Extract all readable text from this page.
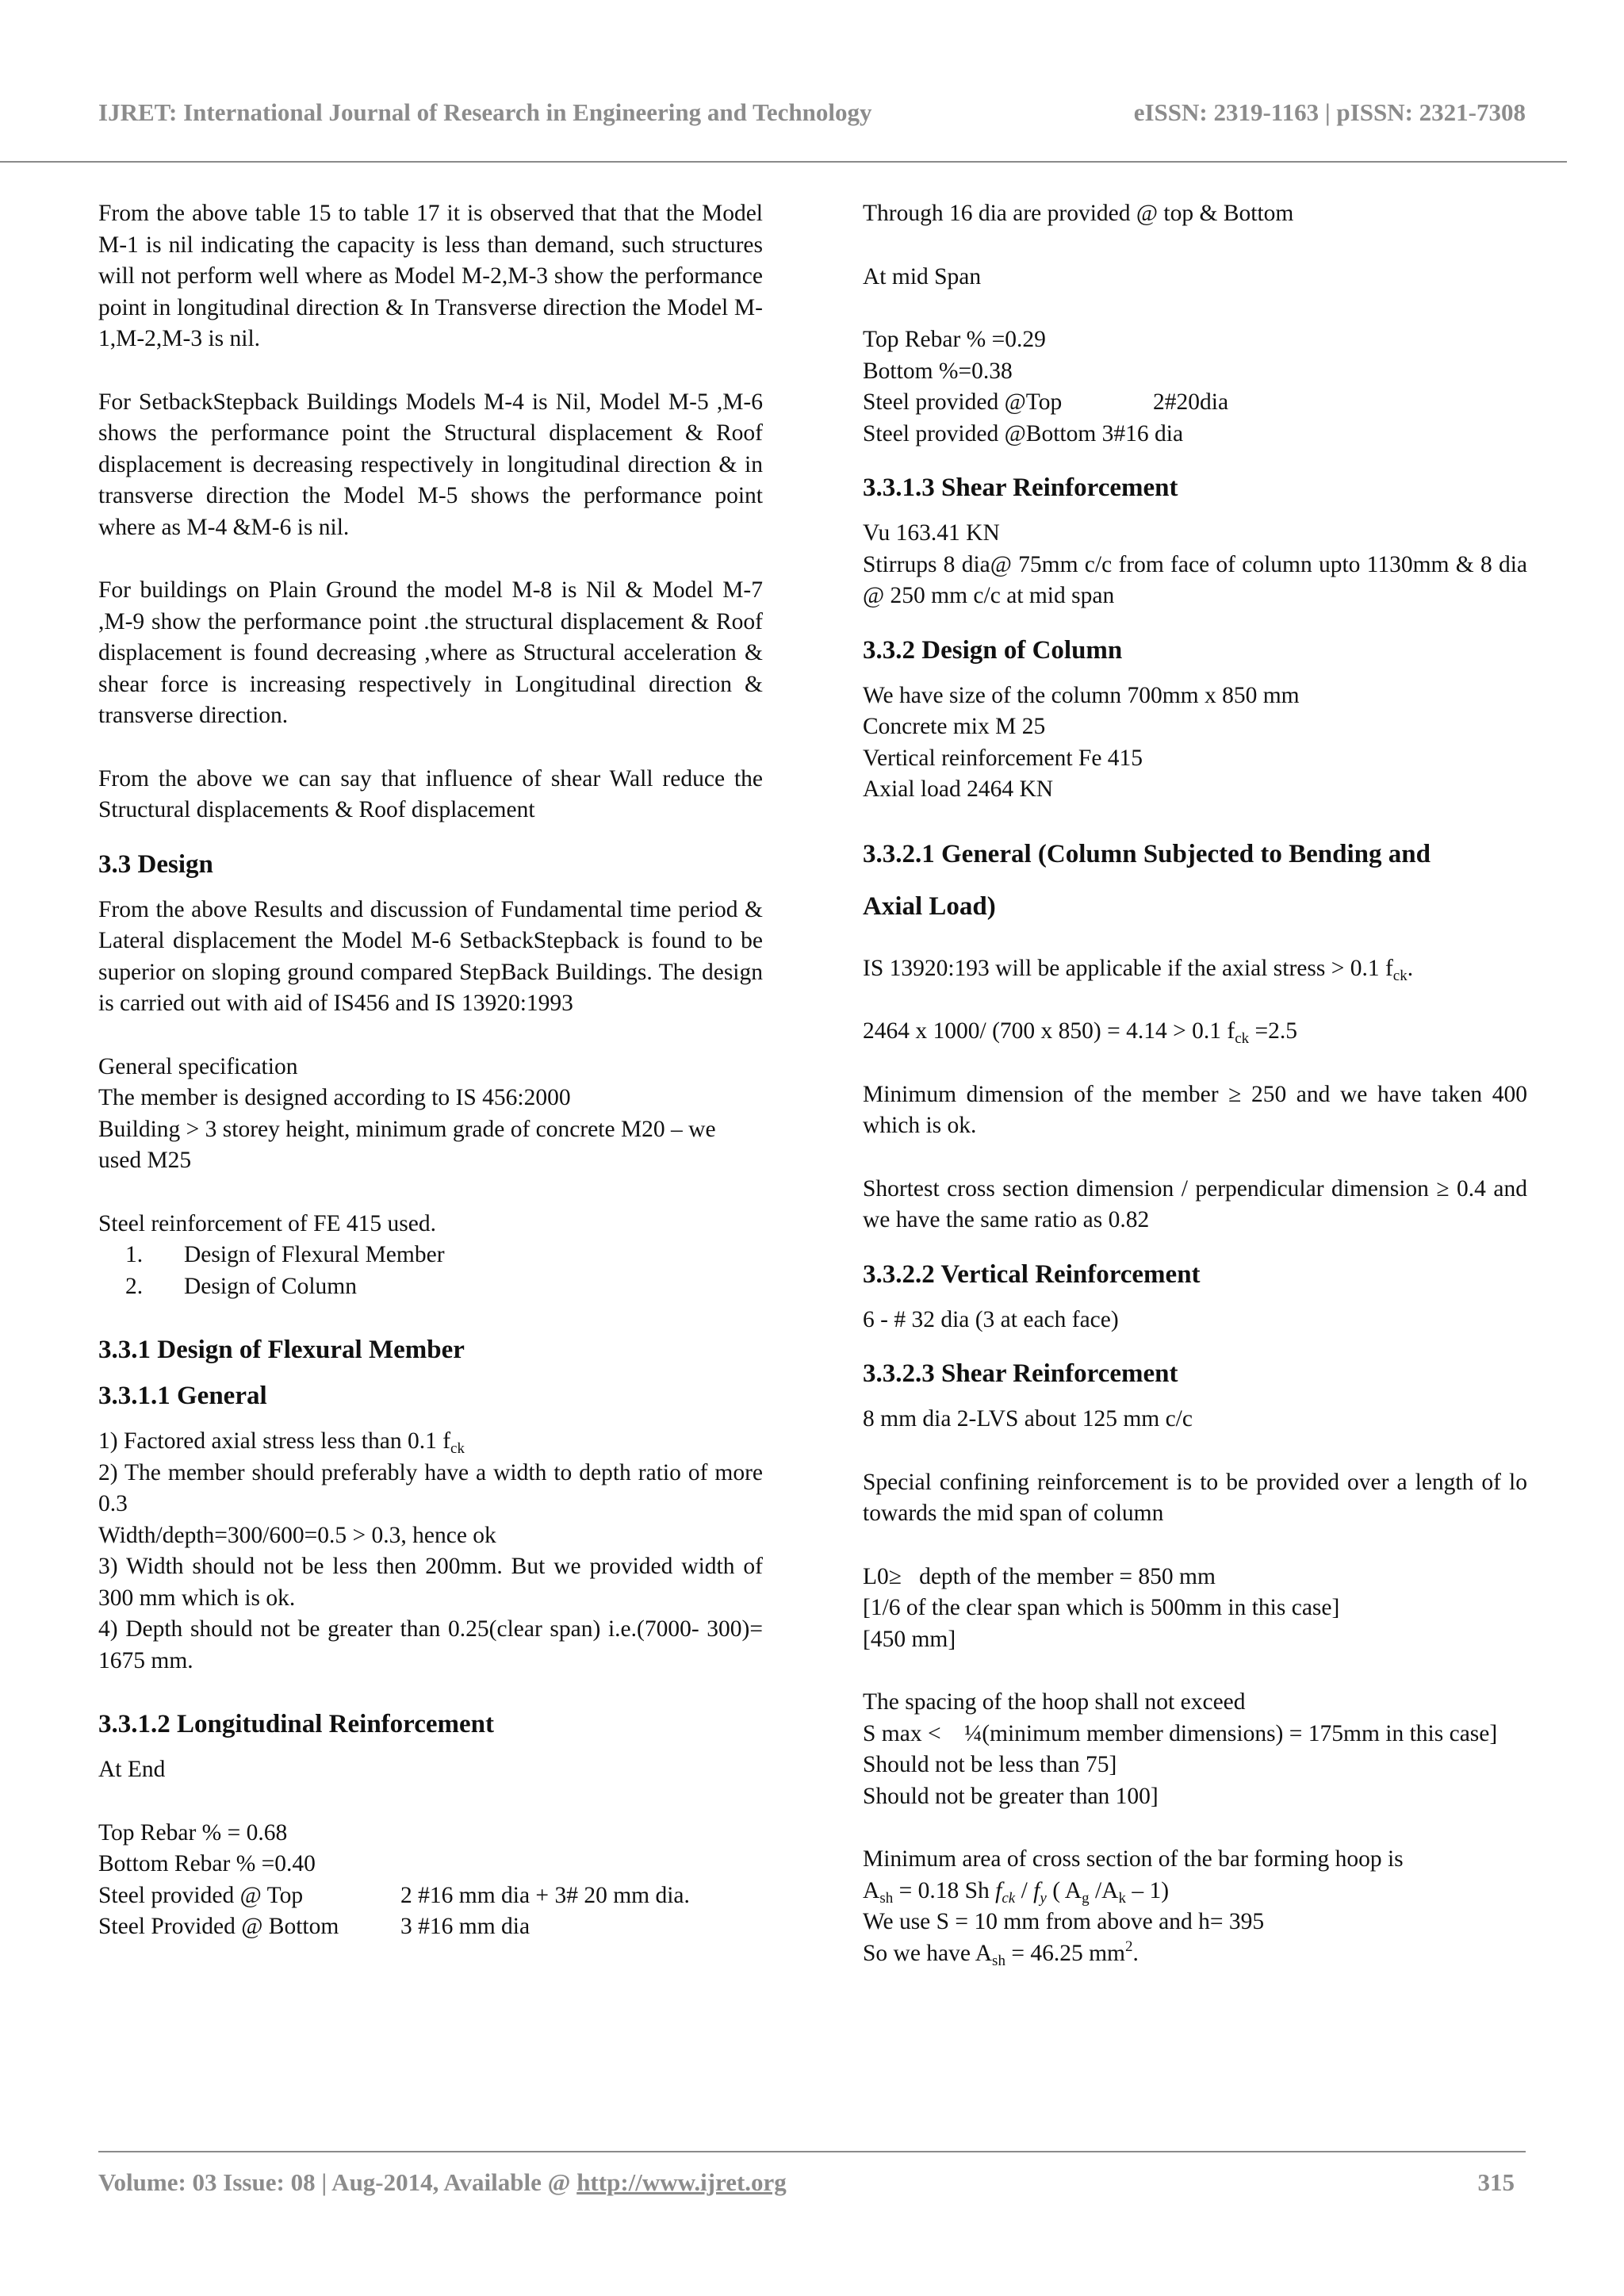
IJRET: International Journal of Research in Engineering and Technology	eISSN: 2319-1163 | pISSN: 2321-7308

From the above table 15 to table 17 it is observed that that the Model M-1 is nil indicating the capacity is less than demand, such structures will not perform well where as Model M-2,M-3 show the performance point in longitudinal direction & In Transverse direction the Model M-1,M-2,M-3 is nil.

For SetbackStepback Buildings Models M-4 is Nil, Model M-5 ,M-6 shows the performance point the Structural displacement & Roof displacement is decreasing respectively in longitudinal direction & in transverse direction the Model M-5 shows the performance point where as M-4 &M-6 is nil.

For buildings on Plain Ground the model M-8 is Nil & Model M-7 ,M-9 show the performance point .the structural displacement & Roof displacement is found decreasing ,where as Structural acceleration & shear force is increasing respectively in Longitudinal direction & transverse direction.

From the above we can say that influence of shear Wall reduce the Structural displacements & Roof displacement

3.3 Design

From the above Results and discussion of Fundamental time period & Lateral displacement the Model M-6 SetbackStepback is found to be superior on sloping ground compared StepBack Buildings. The design is carried out with aid of IS456 and IS 13920:1993

General specification
The member is designed according to IS 456:2000
Building > 3 storey height, minimum grade of concrete M20 – we used M25
Steel reinforcement of FE 415 used.
1.	Design of Flexural Member
2.	Design of Column
3.3.1 Design of Flexural Member
3.3.1.1 General
1) Factored axial stress less than 0.1 $f_{ck}$
2) The member should preferably have a width to depth ratio of more 0.3
Width/depth=300/600=0.5 > 0.3, hence ok
3) Width should not be less then 200mm. But we provided width of 300 mm which is ok.
4) Depth should not be greater than 0.25(clear span) i.e.(7000- 300)= 1675 mm.
3.3.1.2 Longitudinal Reinforcement

At End

Top Rebar % = 0.68
Bottom Rebar % =0.40
Steel provided @ Top	2 #16 mm dia + 3# 20 mm dia.
Steel Provided @ Bottom	3 #16 mm dia

Through 16 dia are provided @ top & Bottom

At mid Span

Top Rebar % =0.29
Bottom %=0.38
Steel provided @Top	2#20dia
Steel provided @Bottom 3#16 dia
3.3.1.3 Shear Reinforcement
Vu 163.41 KN
Stirrups 8 dia@ 75mm c/c from face of column upto 1130mm & 8 dia @ 250 mm c/c at mid span
3.3.2 Design of Column
We have size of the column 700mm x 850 mm
Concrete mix M 25
Vertical reinforcement Fe 415
Axial load 2464 KN
3.3.2.1 General (Column Subjected to Bending and
Axial Load)

IS 13920:193 will be applicable if the axial stress > 0.1 $f_{ck}$.

2464 x 1000/ (700 x 850) = 4.14 > 0.1 $f_{ck} =2.5$

Minimum dimension of the member ≥ 250 and we have taken 400 which is ok.

Shortest cross section dimension / perpendicular dimension ≥ 0.4 and we have the same ratio as 0.82

3.3.2.2 Vertical Reinforcement

6 - # 32 dia (3 at each face)

3.3.2.3 Shear Reinforcement

8 mm dia 2-LVS about 125 mm c/c

Special confining reinforcement is to be provided over a length of lo towards the mid span of column

L0≥   depth of the member = 850 mm
[1/6 of the clear span which is 500mm in this case]
[450 mm]
The spacing of the hoop shall not exceed
S max <    ¼(minimum member dimensions) = 175mm in this case]
Should not be less than 75]
Should not be greater than 100]
Minimum area of cross section of the bar forming hoop is
$A_{sh} = 0.18$ Sh $f_{ck} / f_y$ ( $A_g$ $/A_k - 1$)
We use S = 10 mm from above and h= 395
So we have $A_{sh} = 46.25$ $mm^2$.
Volume: 03 Issue: 08 | Aug-2014, Available @ http://www.ijret.org	315
